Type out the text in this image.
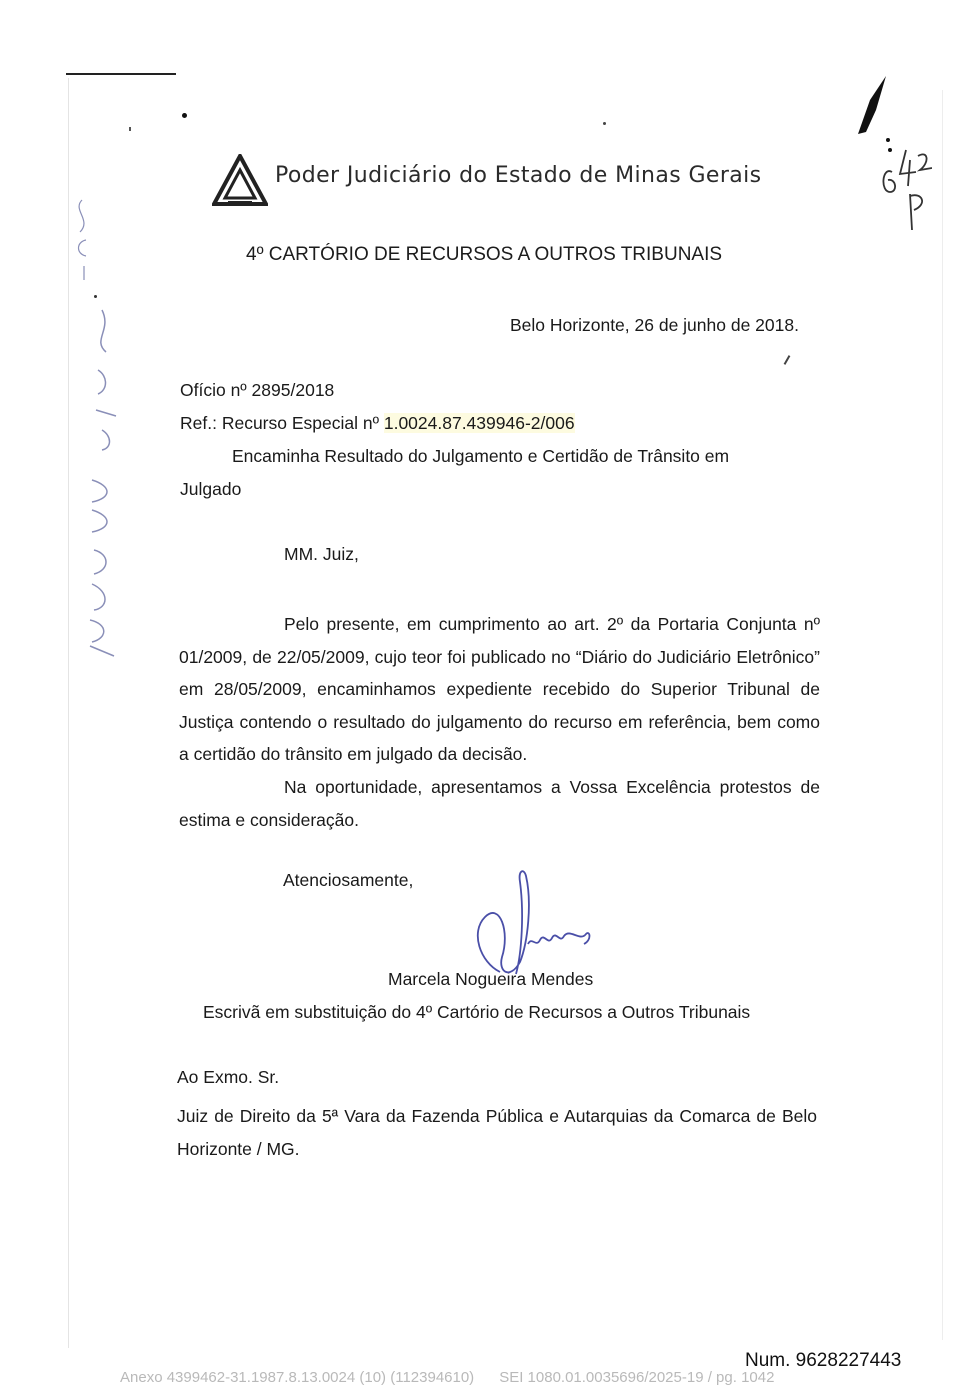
Poder Judiciário do Estado de Minas Gerais
4º CARTÓRIO DE RECURSOS A OUTROS TRIBUNAIS
Belo Horizonte, 26 de junho de 2018.
Ofício nº 2895/2018
Ref.: Recurso Especial nº 1.0024.87.439946-2/006
Encaminha Resultado do Julgamento e Certidão de Trânsito em
Julgado
MM. Juiz,

Pelo presente, em cumprimento ao art. 2º da Portaria Conjunta nº 01/2009, de 22/05/2009, cujo teor foi publicado no “Diário do Judiciário Eletrônico” em 28/05/2009, encaminhamos expediente recebido do Superior Tribunal de Justiça contendo o resultado do julgamento do recurso em referência, bem como a certidão do trânsito em julgado da decisão.

Na oportunidade, apresentamos a Vossa Excelência protestos de estima e consideração.

Atenciosamente,
Marcela Nogueira Mendes
Escrivã em substituição do 4º Cartório de Recursos a Outros Tribunais
Ao Exmo. Sr.
Juiz de Direito da 5ª Vara da Fazenda Pública e Autarquias da Comarca de Belo Horizonte / MG.
Num. 9628227443
Anexo 4399462-31.1987.8.13.0024 (10) (112394610) SEI 1080.01.0035696/2025-19 / pg. 1042
